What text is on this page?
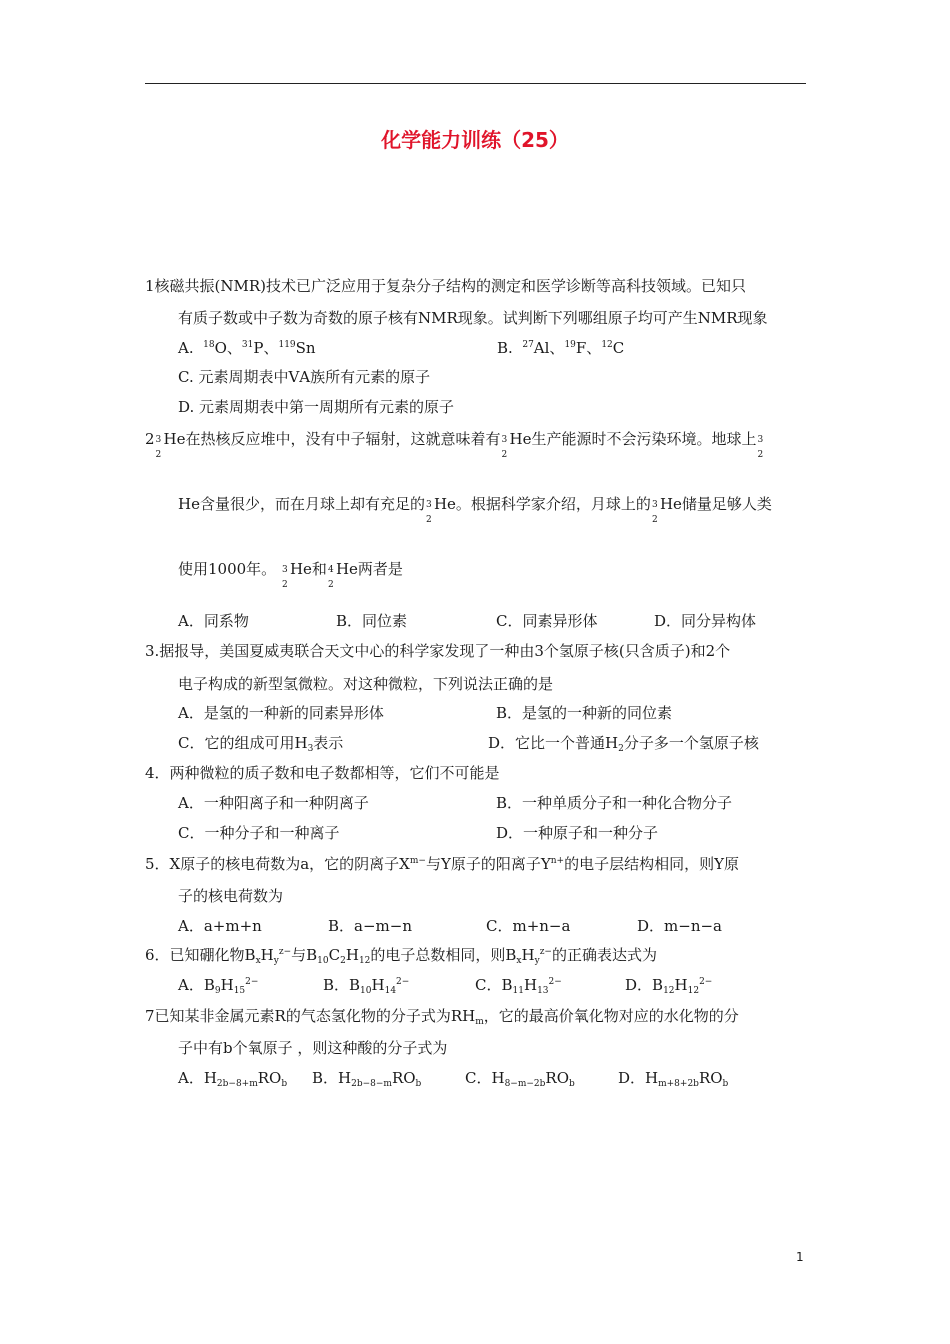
化学能力训练（25）
1核磁共振(NMR)技术已广泛应用于复杂分子结构的测定和医学诊断等高科技领域。已知只
有质子数或中子数为奇数的原子核有NMR现象。试判断下列哪组原子均可产生NMR现象
A. $^{18}$O、$^{31}$P、$^{119}$Sn	B. $^{27}$Al、$^{19}$F、$^{12}$C
C. 元素周期表中ⅤA族所有元素的原子
D. 元素周期表中第一周期所有元素的原子
2 3
2
He在热核反应堆中，没有中子辐射，这就意味着有 3
2
He生产能源时不会污染环境。地球上 3
2
He含量很少，而在月球上却有充足的 3
2
He。根据科学家介绍，月球上的 3
2
He储量足够人类
使用1000年。 3
2
He和 4
2
He两者是
A．同系物	B．同位素	C．同素异形体	D．同分异构体
3.据报导，美国夏威夷联合天文中心的科学家发现了一种由3个氢原子核(只含质子)和2个
电子构成的新型氢微粒。对这种微粒，下列说法正确的是
A．是氢的一种新的同素异形体	B．是氢的一种新的同位素
C．它的组成可用$H_3$表示	D．它比一个普通$H_2$分子多一个氢原子核
4．两种微粒的质子数和电子数都相等，它们不可能是
A．一种阳离子和一种阴离子	B．一种单质分子和一种化合物分子
C．一种分子和一种离子	D．一种原子和一种分子
5．X原子的核电荷数为a，它的阴离子$X^{m-}$与Y原子的阳离子$Y^{n+}$的电子层结构相同，则Y原
子的核电荷数为
A．a+m+n	B．a−m−n	C．m+n−a	D．m−n−a
6．已知硼化物$B_xH_y^{z-}$与$B_{10}C_2H_{12}$的电子总数相同，则$B_xH_y^{z-}$的正确表达式为
A．$B_9H_{15}^{2-}$	B．$B_{10}H_{14}^{2-}$	C．$B_{11}H_{13}^{2-}$	D．$B_{12}H_{12}^{2-}$
7已知某非金属元素R的气态氢化物的分子式为$RH_m$，它的最高价氧化物对应的水化物的分
子中有b个氧原子 ，则这种酸的分子式为
A．$H_{2b-8+m}RO_b$ B．$H_{2b-8-m}RO_b$	C．$H_{8-m-2b}RO_b$	D．$H_{m+8+2b}RO_b$
1
